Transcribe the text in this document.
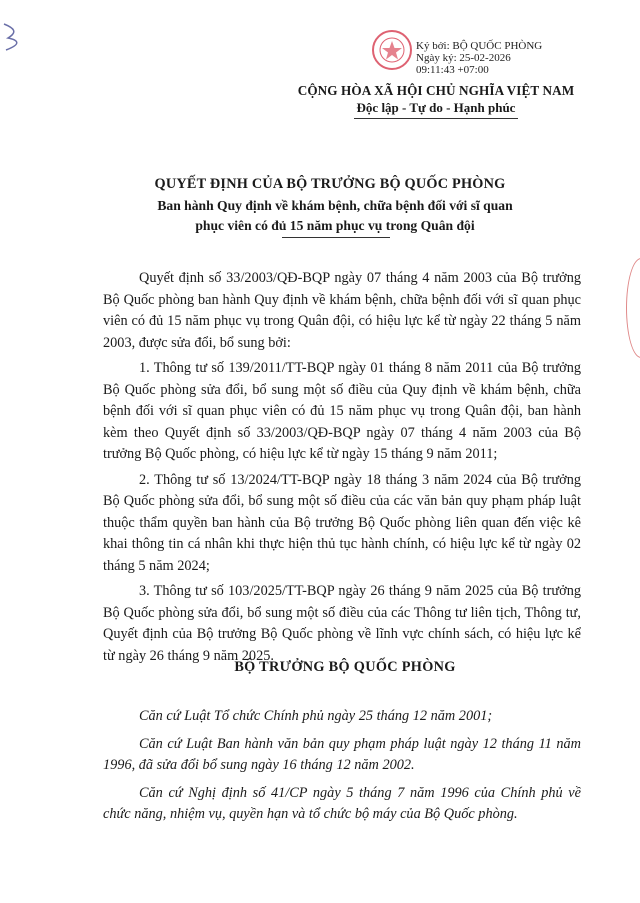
Ký bởi: BỘ QUỐC PHÒNG
Ngày ký: 25-02-2026
09:11:43 +07:00
CỘNG HÒA XÃ HỘI CHỦ NGHĨA VIỆT NAM
Độc lập - Tự do - Hạnh phúc
QUYẾT ĐỊNH CỦA BỘ TRƯỞNG BỘ QUỐC PHÒNG
Ban hành Quy định về khám bệnh, chữa bệnh đối với sĩ quan
phục viên có đủ 15 năm phục vụ trong Quân đội

Quyết định số 33/2003/QĐ-BQP ngày 07 tháng 4 năm 2003 của Bộ trưởng Bộ Quốc phòng ban hành Quy định về khám bệnh, chữa bệnh đối với sĩ quan phục viên có đủ 15 năm phục vụ trong Quân đội, có hiệu lực kể từ ngày 22 tháng 5 năm 2003, được sửa đổi, bổ sung bởi:

1. Thông tư số 139/2011/TT-BQP ngày 01 tháng 8 năm 2011 của Bộ trưởng Bộ Quốc phòng sửa đổi, bổ sung một số điều của Quy định về khám bệnh, chữa bệnh đối với sĩ quan phục viên có đủ 15 năm phục vụ trong Quân đội, ban hành kèm theo Quyết định số 33/2003/QĐ-BQP ngày 07 tháng 4 năm 2003 của Bộ trưởng Bộ Quốc phòng, có hiệu lực kể từ ngày 15 tháng 9 năm 2011;

2. Thông tư số 13/2024/TT-BQP ngày 18 tháng 3 năm 2024 của Bộ trưởng Bộ Quốc phòng sửa đổi, bổ sung một số điều của các văn bản quy phạm pháp luật thuộc thẩm quyền ban hành của Bộ trưởng Bộ Quốc phòng liên quan đến việc kê khai thông tin cá nhân khi thực hiện thủ tục hành chính, có hiệu lực kể từ ngày 02 tháng 5 năm 2024;

3. Thông tư số 103/2025/TT-BQP ngày 26 tháng 9 năm 2025 của Bộ trưởng Bộ Quốc phòng sửa đổi, bổ sung một số điều của các Thông tư liên tịch, Thông tư, Quyết định của Bộ trưởng Bộ Quốc phòng về lĩnh vực chính sách, có hiệu lực kể từ ngày 26 tháng 9 năm 2025.

BỘ TRƯỞNG BỘ QUỐC PHÒNG

Căn cứ Luật Tổ chức Chính phủ ngày 25 tháng 12 năm 2001;

Căn cứ Luật Ban hành văn bản quy phạm pháp luật ngày 12 tháng 11 năm 1996, đã sửa đổi bổ sung ngày 16 tháng 12 năm 2002.

Căn cứ Nghị định số 41/CP ngày 5 tháng 7 năm 1996 của Chính phủ về chức năng, nhiệm vụ, quyền hạn và tổ chức bộ máy của Bộ Quốc phòng.
